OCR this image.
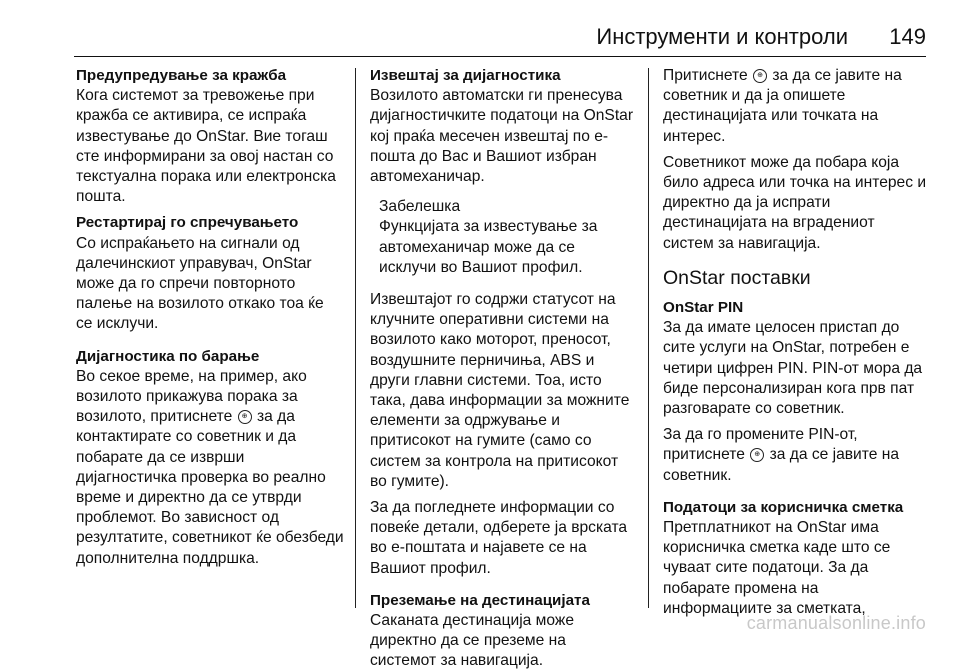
Инструменти и контроли 149

Предупредување за кражба

Кога системот за тревожење при кражба се активира, се испраќа известување до OnStar. Вие тогаш сте информирани за овој настан со текстуална порака или електронска пошта.

Рестартирај го спречувањето

Со испраќањето на сигнали од далечинскиот управувач, OnStar може да го спречи повторното палење на возилото откако тоа ќе се исклучи.

Дијагностика по барање

Во секое време, на пример, ако возилото прикажува порака за возилото, притиснете ⊕ за да контактирате со советник и да побарате да се изврши дијагностичка проверка во реално време и директно да се утврди проблемот. Во зависност од резултатите, советникот ќе обезбеди дополнителна поддршка.

Извештај за дијагностика

Возилото автоматски ги пренесува дијагностичките податоци на OnStar кој праќа месечен извештај по е-пошта до Вас и Вашиот избран автомеханичар.

Забелешка

Функцијата за известување за автомеханичар може да се исклучи во Вашиот профил.

Извештајот го содржи статусот на клучните оперативни системи на возилото како моторот, преносот, воздушните перничиња, ABS и други главни системи. Тоа, исто така, дава информации за можните елементи за одржување и притисокот на гумите (само со систем за контрола на притисокот во гумите).

За да погледнете информации со повеќе детали, одберете ја врската во е-поштата и најавете се на Вашиот профил.

Преземање на дестинацијата

Саканата дестинација може директно да се преземе на системот за навигација.

Притиснете ⊕ за да се јавите на советник и да ја опишете дестинацијата или точката на интерес.

Советникот може да побара која било адреса или точка на интерес и директно да ја испрати дестинацијата на вградениот систем за навигација.

OnStar поставки

OnStar PIN

За да имате целосен пристап до сите услуги на OnStar, потребен е четири цифрен PIN. PIN-от мора да биде персонализиран кога прв пат разговарате со советник.

За да го промените PIN-от, притиснете ⊕ за да се јавите на советник.

Податоци за корисничка сметка

Претплатникот на OnStar има корисничка сметка каде што се чуваат сите податоци. За да побарате промена на информациите за сметката,

carmanualsonline.info
